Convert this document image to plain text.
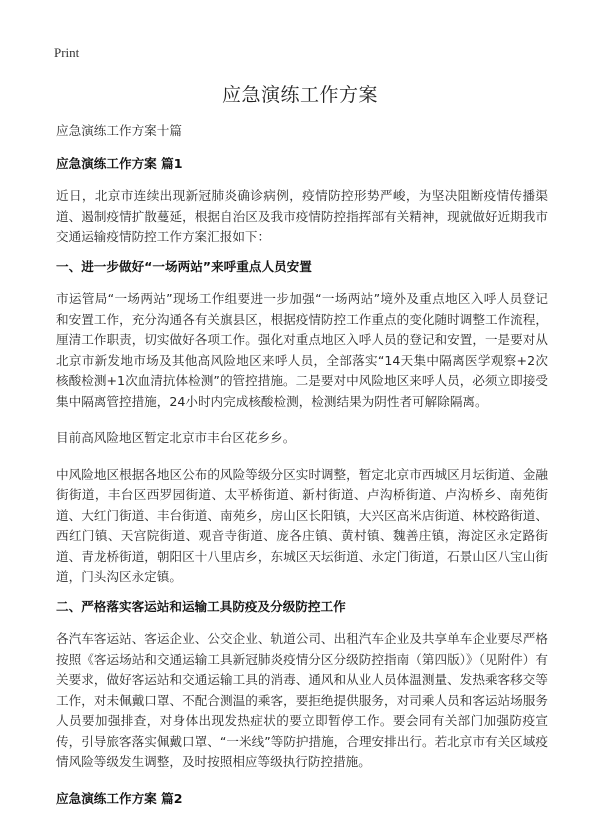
Print
应急演练工作方案

应急演练工作方案十篇

应急演练工作方案 篇1

近日，北京市连续出现新冠肺炎确诊病例，疫情防控形势严峻，为坚决阻断疫情传播渠道、遏制疫情扩散蔓延，根据自治区及我市疫情防控指挥部有关精神，现就做好近期我市交通运输疫情防控工作方案汇报如下：

一、进一步做好“一场两站”来呼重点人员安置

市运管局“一场两站”现场工作组要进一步加强“一场两站”境外及重点地区入呼人员登记和安置工作，充分沟通各有关旗县区，根据疫情防控工作重点的变化随时调整工作流程，厘清工作职责，切实做好各项工作。强化对重点地区入呼人员的登记和安置，一是要对从北京市新发地市场及其他高风险地区来呼人员，全部落实“14天集中隔离医学观察+2次核酸检测+1次血清抗体检测”的管控措施。二是要对中风险地区来呼人员，必须立即接受集中隔离管控措施，24小时内完成核酸检测，检测结果为阴性者可解除隔离。

目前高风险地区暂定北京市丰台区花乡乡。

中风险地区根据各地区公布的风险等级分区实时调整，暂定北京市西城区月坛街道、金融街街道，丰台区西罗园街道、太平桥街道、新村街道、卢沟桥街道、卢沟桥乡、南苑街道、大红门街道、丰台街道、南苑乡，房山区长阳镇，大兴区高米店街道、林校路街道、西红门镇、天宫院街道、观音寺街道、庞各庄镇、黄村镇、魏善庄镇，海淀区永定路街道、青龙桥街道，朝阳区十八里店乡，东城区天坛街道、永定门街道，石景山区八宝山街道，门头沟区永定镇。

二、严格落实客运站和运输工具防疫及分级防控工作

各汽车客运站、客运企业、公交企业、轨道公司、出租汽车企业及共享单车企业要尽严格按照《客运场站和交通运输工具新冠肺炎疫情分区分级防控指南（第四版）》（见附件）有关要求，做好客运站和交通运输工具的消毒、通风和从业人员体温测量、发热乘客移交等工作，对未佩戴口罩、不配合测温的乘客，要拒绝提供服务，对司乘人员和客运站场服务人员要加强排查，对身体出现发热症状的要立即暂停工作。要会同有关部门加强防疫宣传，引导旅客落实佩戴口罩、“一米线”等防护措施，合理安排出行。若北京市有关区域疫情风险等级发生调整，及时按照相应等级执行防控措施。

应急演练工作方案 篇2
